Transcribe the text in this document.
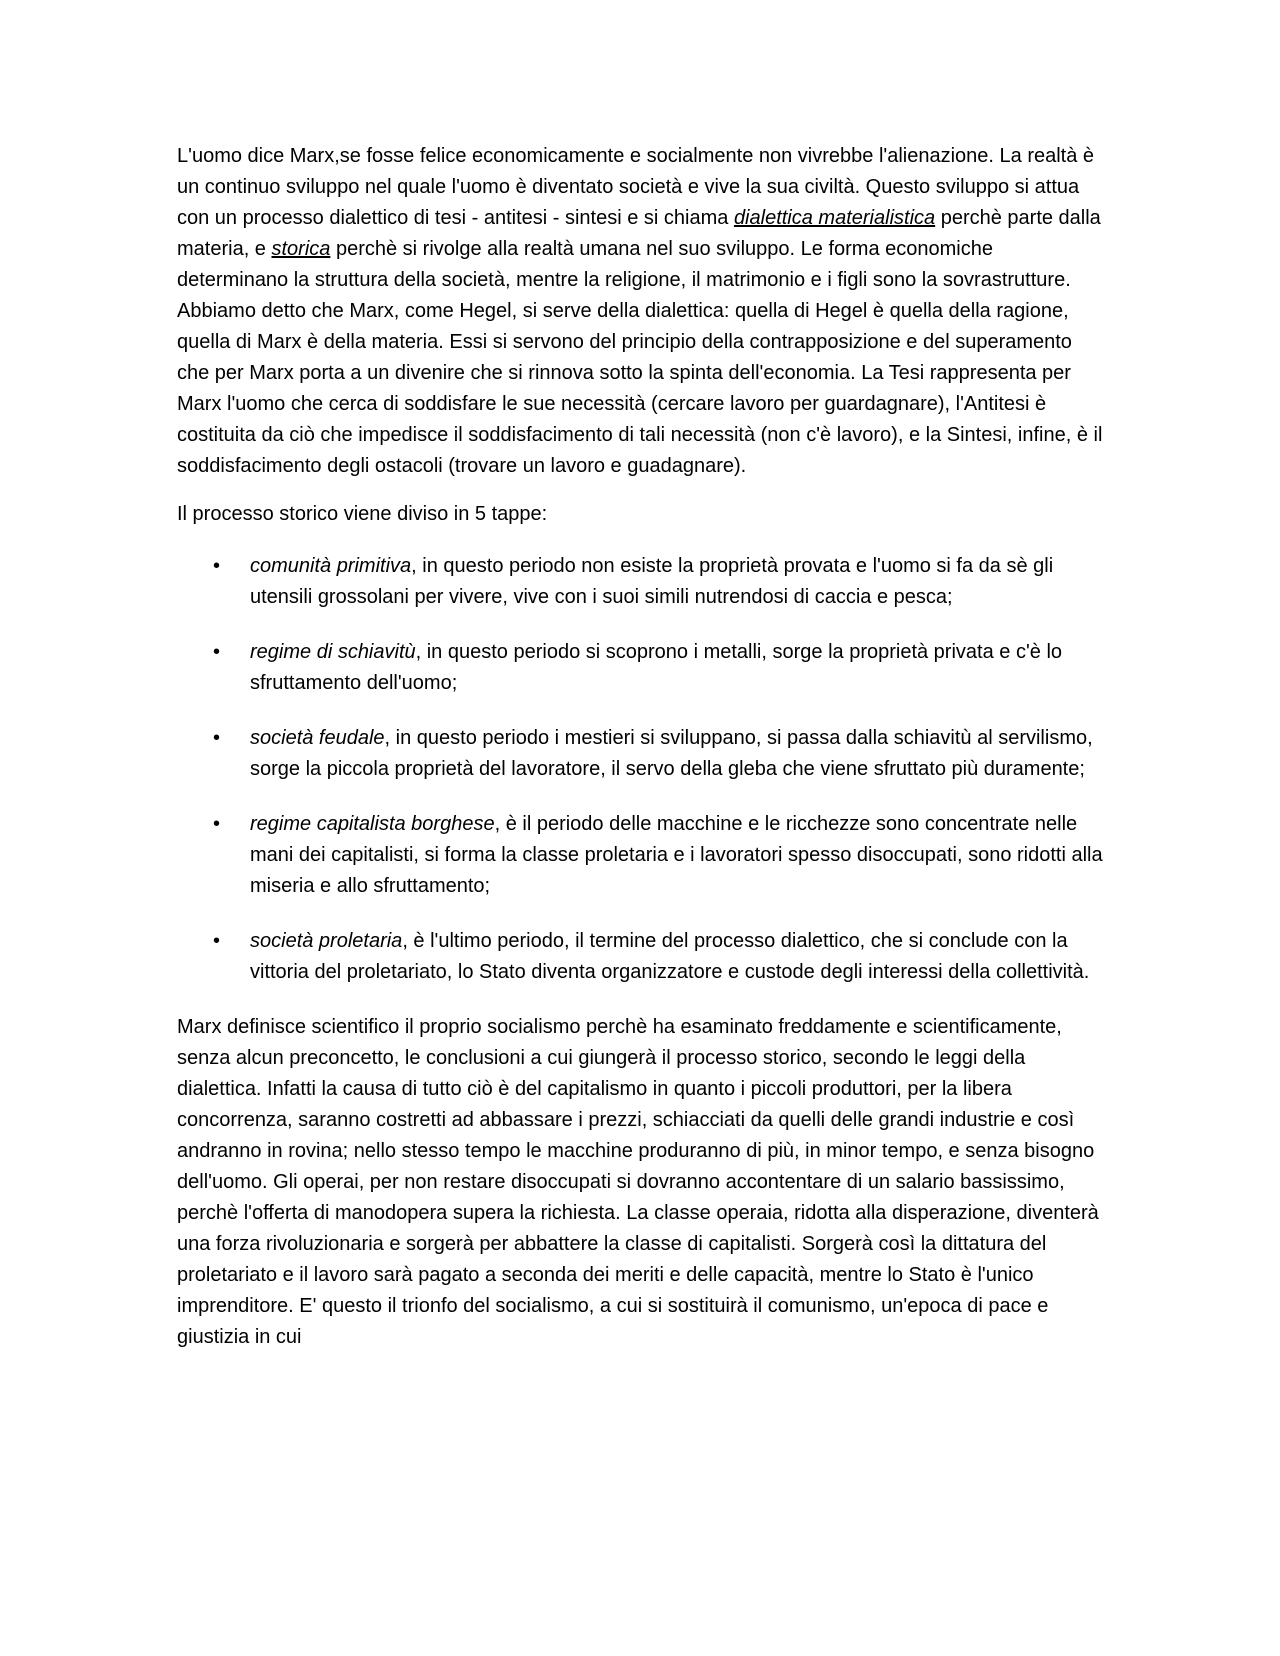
L'uomo dice Marx,se fosse felice economicamente e socialmente non vivrebbe l'alienazione. La realtà è un continuo sviluppo nel quale l'uomo è diventato società e vive la sua civiltà. Questo sviluppo si attua con un processo dialettico di tesi - antitesi - sintesi e si chiama dialettica materialistica perchè parte dalla materia, e storica perchè si rivolge alla realtà umana nel suo sviluppo. Le forma economiche determinano la struttura della società, mentre la religione, il matrimonio e i figli sono la sovrastrutture. Abbiamo detto che Marx, come Hegel, si serve della dialettica: quella di Hegel è quella della ragione, quella di Marx è della materia. Essi si servono del principio della contrapposizione e del superamento che per Marx porta a un divenire che si rinnova sotto la spinta dell'economia. La Tesi rappresenta per Marx l'uomo che cerca di soddisfare le sue necessità (cercare lavoro per guardagnare), l'Antitesi è costituita da ciò che impedisce il soddisfacimento di tali necessità (non c'è lavoro), e la Sintesi, infine, è il soddisfacimento degli ostacoli (trovare un lavoro e guadagnare).

Il processo storico viene diviso in 5 tappe:

• comunità primitiva, in questo periodo non esiste la proprietà provata e l'uomo si fa da sè gli utensili grossolani per vivere, vive con i suoi simili nutrendosi di caccia e pesca;
• regime di schiavitù, in questo periodo si scoprono i metalli, sorge la proprietà privata e c'è lo sfruttamento dell'uomo;
• società feudale, in questo periodo i mestieri si sviluppano, si passa dalla schiavitù al servilismo, sorge la piccola proprietà del lavoratore, il servo della gleba che viene sfruttato più duramente;
• regime capitalista borghese, è il periodo delle macchine e le ricchezze sono concentrate nelle mani dei capitalisti, si forma la classe proletaria e i lavoratori spesso disoccupati, sono ridotti alla miseria e allo sfruttamento;
• società proletaria, è l'ultimo periodo, il termine del processo dialettico, che si conclude con la vittoria del proletariato, lo Stato diventa organizzatore e custode degli interessi della collettività.

Marx definisce scientifico il proprio socialismo perchè ha esaminato freddamente e scientificamente, senza alcun preconcetto, le conclusioni a cui giungerà il processo storico, secondo le leggi della dialettica. Infatti la causa di tutto ciò è del capitalismo in quanto i piccoli produttori, per la libera concorrenza, saranno costretti ad abbassare i prezzi, schiacciati da quelli delle grandi industrie e così andranno in rovina; nello stesso tempo le macchine produranno di più, in minor tempo, e senza bisogno dell'uomo. Gli operai, per non restare disoccupati si dovranno accontentare di un salario bassissimo, perchè l'offerta di manodopera supera la richiesta. La classe operaia, ridotta alla disperazione, diventerà una forza rivoluzionaria e sorgerà per abbattere la classe di capitalisti. Sorgerà così la dittatura del proletariato e il lavoro sarà pagato a seconda dei meriti e delle capacità, mentre lo Stato è l'unico imprenditore. E' questo il trionfo del socialismo, a cui si sostituirà il comunismo, un'epoca di pace e giustizia in cui
